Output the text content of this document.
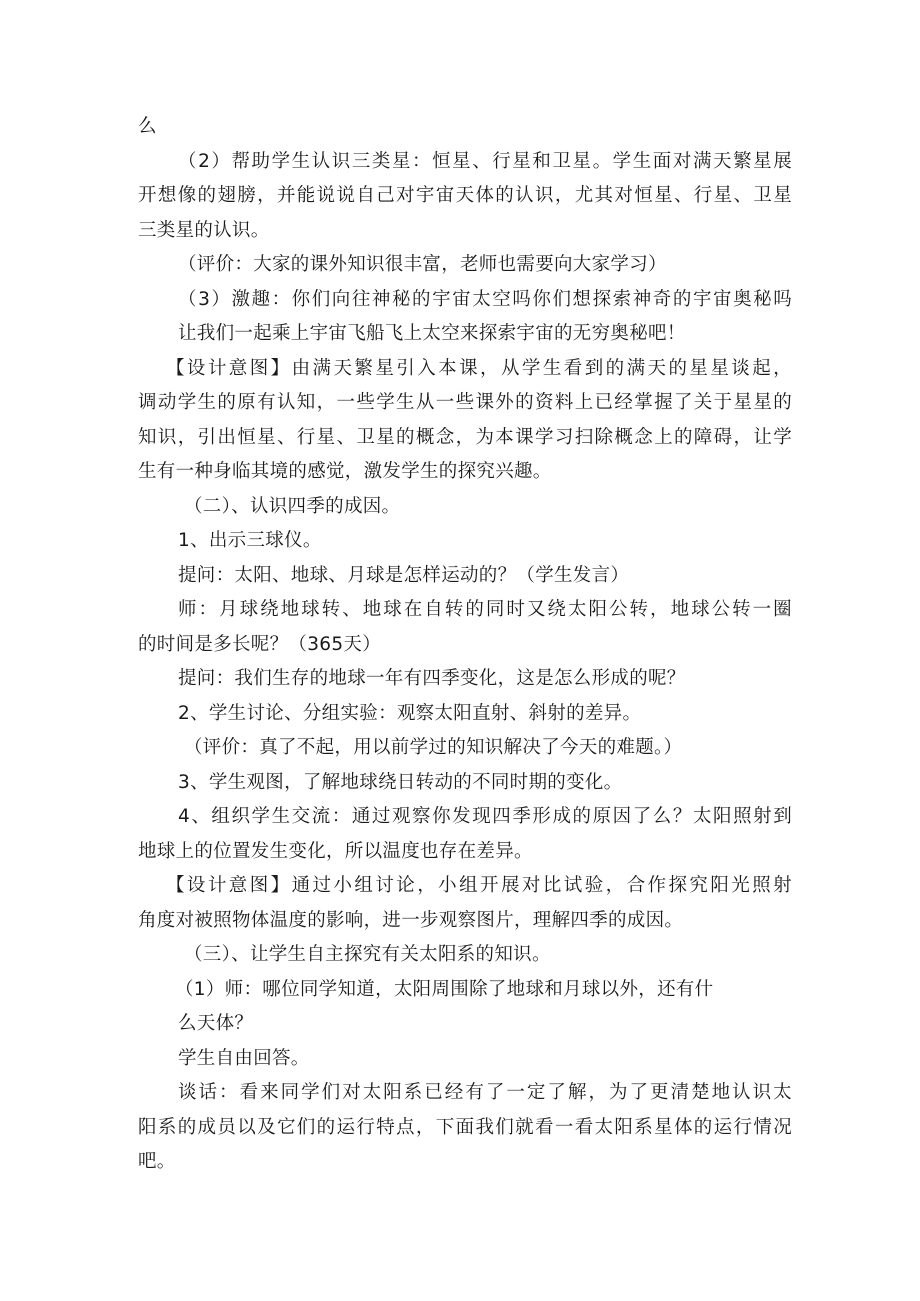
么
（2）帮助学生认识三类星：恒星、行星和卫星。学生面对满天繁星展
开想像的翅膀，并能说说自己对宇宙天体的认识，尤其对恒星、行星、卫星
三类星的认识。
（评价：大家的课外知识很丰富，老师也需要向大家学习）
（3）激趣：你们向往神秘的宇宙太空吗你们想探索神奇的宇宙奥秘吗
让我们一起乘上宇宙飞船飞上太空来探索宇宙的无穷奥秘吧！
【设计意图】由满天繁星引入本课，从学生看到的满天的星星谈起，
调动学生的原有认知，一些学生从一些课外的资料上已经掌握了关于星星的
知识，引出恒星、行星、卫星的概念，为本课学习扫除概念上的障碍，让学
生有一种身临其境的感觉，激发学生的探究兴趣。
（二）、认识四季的成因。
1、出示三球仪。
提问：太阳、地球、月球是怎样运动的？（学生发言）
师：月球绕地球转、地球在自转的同时又绕太阳公转，地球公转一圈
的时间是多长呢？（365天）
提问：我们生存的地球一年有四季变化，这是怎么形成的呢？
2、学生讨论、分组实验：观察太阳直射、斜射的差异。
（评价：真了不起，用以前学过的知识解决了今天的难题。）
3、学生观图，了解地球绕日转动的不同时期的变化。
4、组织学生交流：通过观察你发现四季形成的原因了么？太阳照射到
地球上的位置发生变化，所以温度也存在差异。
【设计意图】通过小组讨论，小组开展对比试验，合作探究阳光照射
角度对被照物体温度的影响，进一步观察图片，理解四季的成因。
（三）、让学生自主探究有关太阳系的知识。
（1）师：哪位同学知道，太阳周围除了地球和月球以外，还有什
么天体？
学生自由回答。
谈话：看来同学们对太阳系已经有了一定了解，为了更清楚地认识太
阳系的成员以及它们的运行特点，下面我们就看一看太阳系星体的运行情况
吧。
